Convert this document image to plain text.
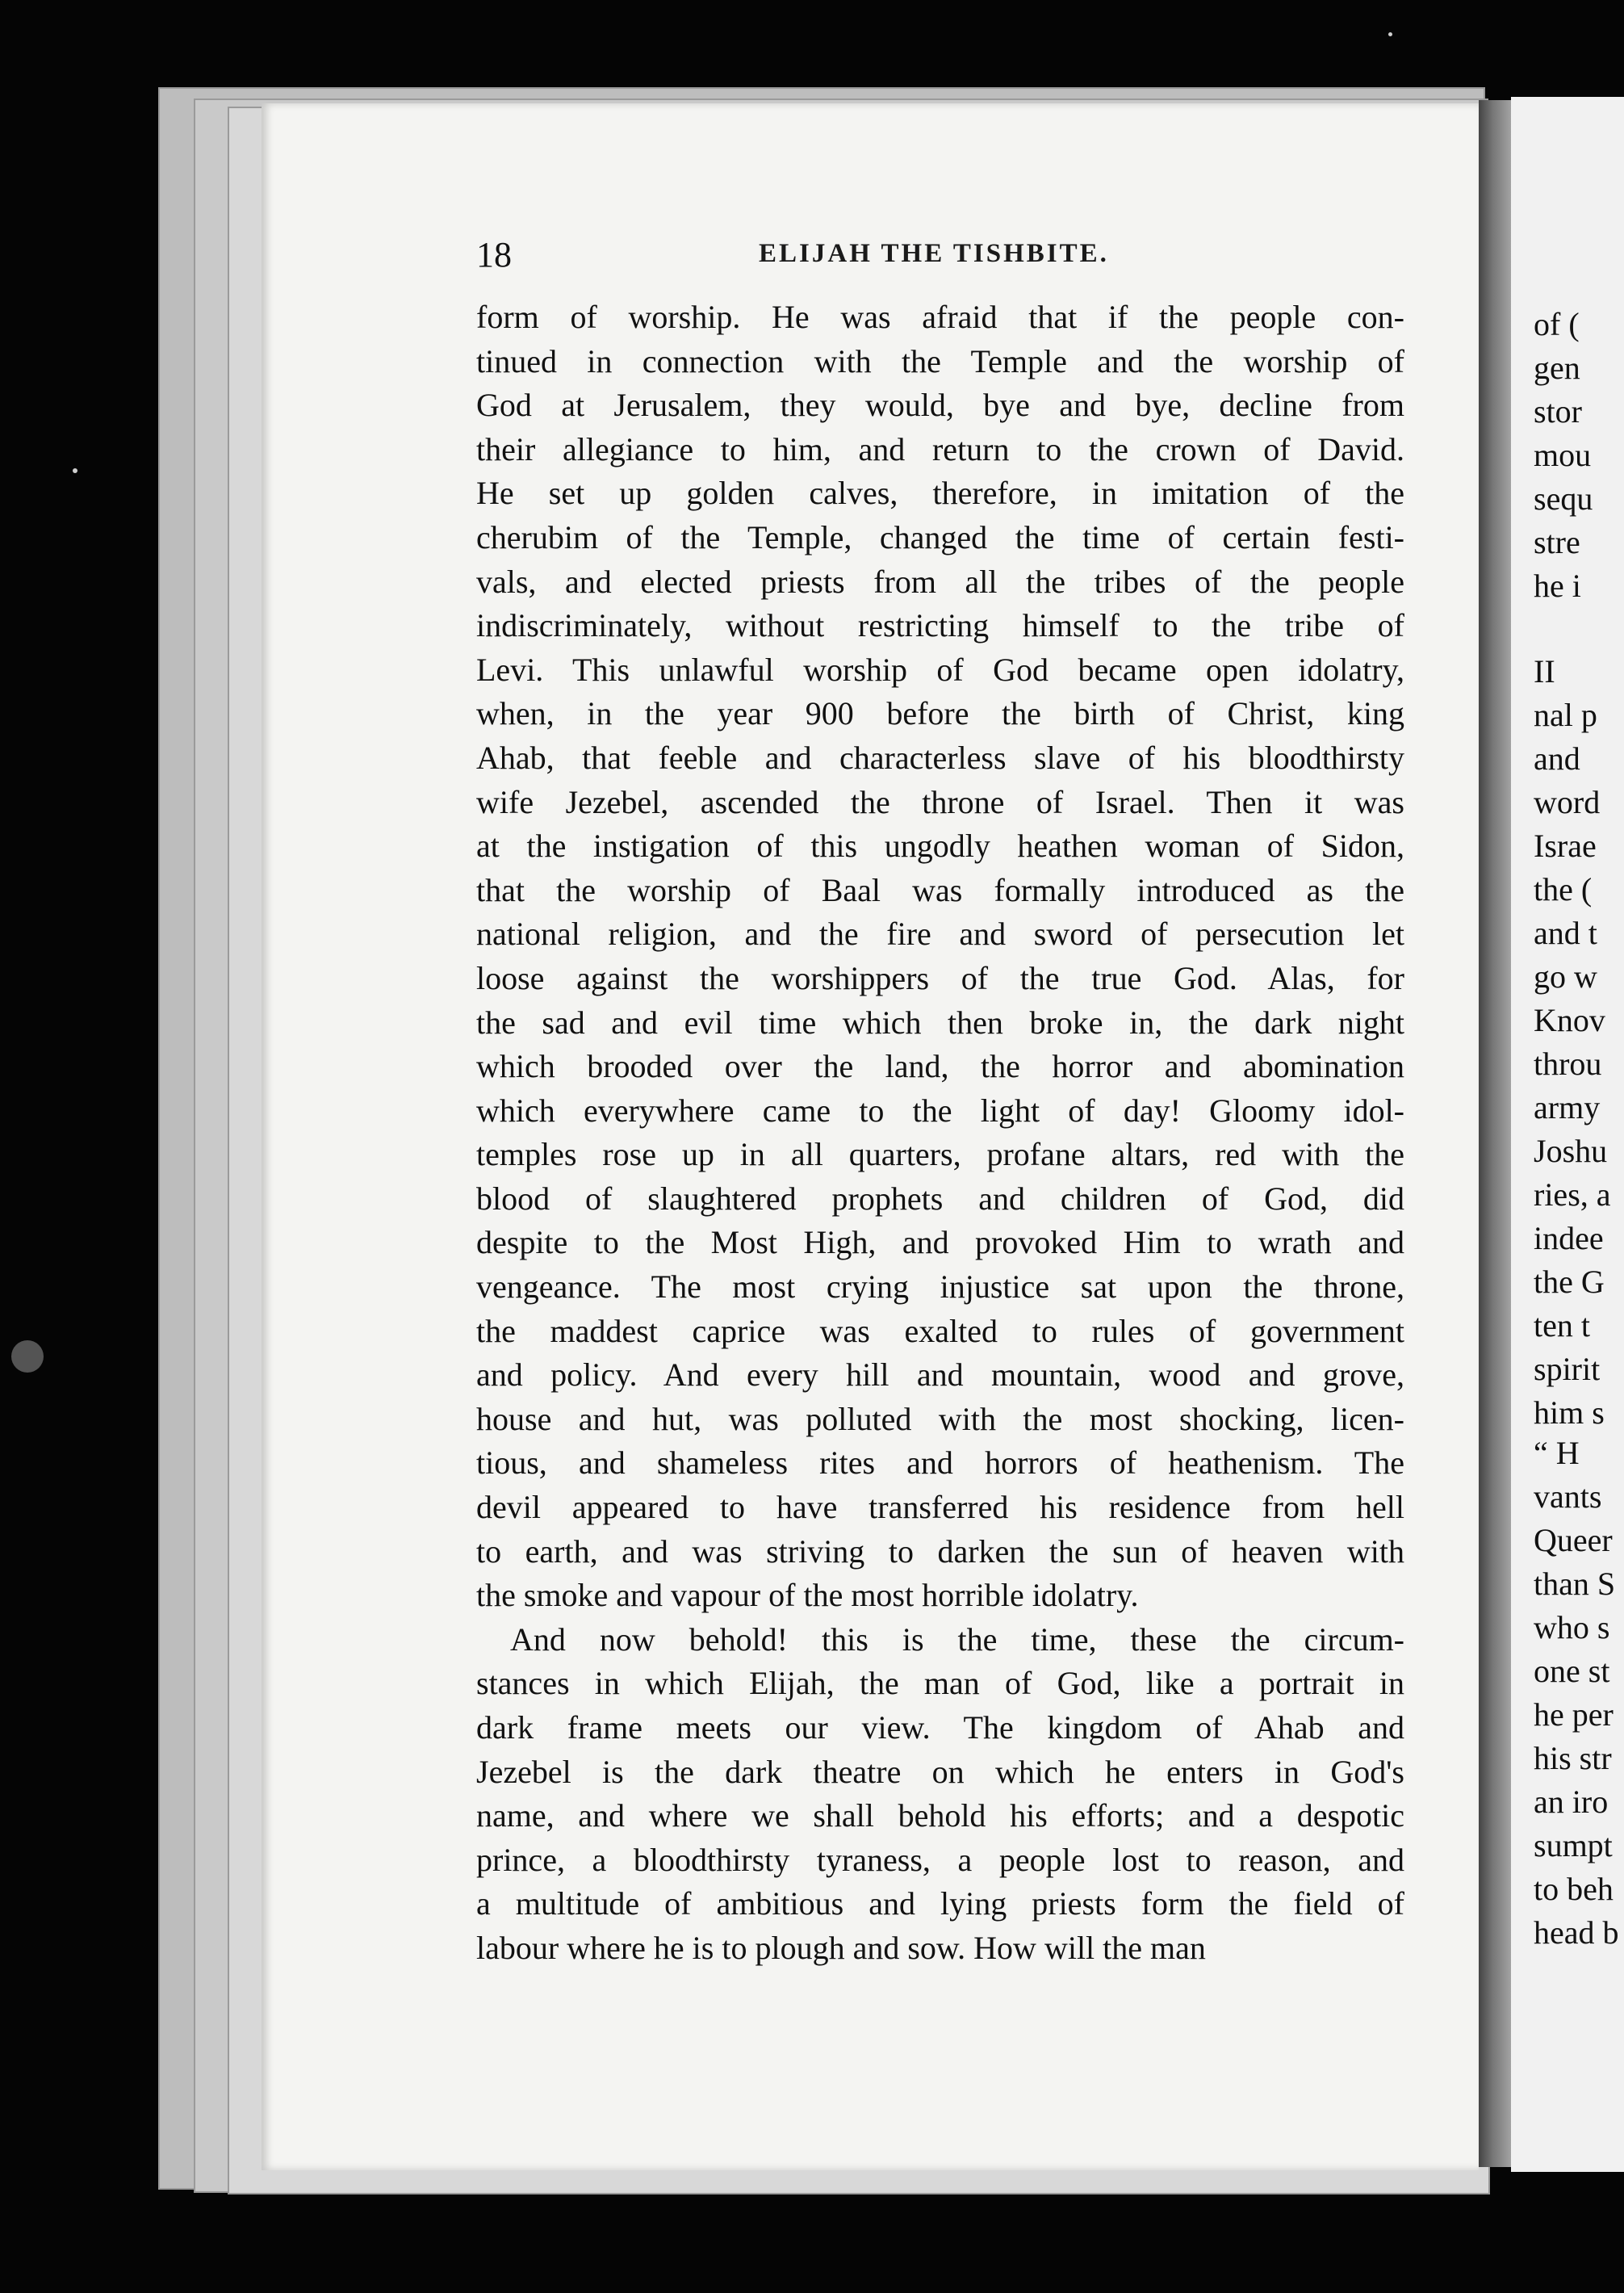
of (
gen
stor
mou
sequ
stre
he i
II
nal p
and
word
Israe
the (
and t
go w
Knov
throu
army
Joshu
ries, a
indee
the G
ten t
spirit
him s
“ H
vants
Queer
than S
who s
one st
he per
his str
an iro
sumpt
to beh
head b
18	ELIJAH THE TISHBITE.
form of worship. He was afraid that if the people con-
tinued in connection with the Temple and the worship of
God at Jerusalem, they would, bye and bye, decline from
their allegiance to him, and return to the crown of David.
He set up golden calves, therefore, in imitation of the
cherubim of the Temple, changed the time of certain festi-
vals, and elected priests from all the tribes of the people
indiscriminately, without restricting himself to the tribe of
Levi. This unlawful worship of God became open idolatry,
when, in the year 900 before the birth of Christ, king
Ahab, that feeble and characterless slave of his bloodthirsty
wife Jezebel, ascended the throne of Israel. Then it was
at the instigation of this ungodly heathen woman of Sidon,
that the worship of Baal was formally introduced as the
national religion, and the fire and sword of persecution let
loose against the worshippers of the true God. Alas, for
the sad and evil time which then broke in, the dark night
which brooded over the land, the horror and abomination
which everywhere came to the light of day! Gloomy idol-
temples rose up in all quarters, profane altars, red with the
blood of slaughtered prophets and children of God, did
despite to the Most High, and provoked Him to wrath and
vengeance. The most crying injustice sat upon the throne,
the maddest caprice was exalted to rules of government
and policy. And every hill and mountain, wood and grove,
house and hut, was polluted with the most shocking, licen-
tious, and shameless rites and horrors of heathenism. The
devil appeared to have transferred his residence from hell
to earth, and was striving to darken the sun of heaven with
the smoke and vapour of the most horrible idolatry.
And now behold! this is the time, these the circum-
stances in which Elijah, the man of God, like a portrait in
dark frame meets our view. The kingdom of Ahab and
Jezebel is the dark theatre on which he enters in God's
name, and where we shall behold his efforts; and a despotic
prince, a bloodthirsty tyraness, a people lost to reason, and
a multitude of ambitious and lying priests form the field of
labour where he is to plough and sow. How will the man
